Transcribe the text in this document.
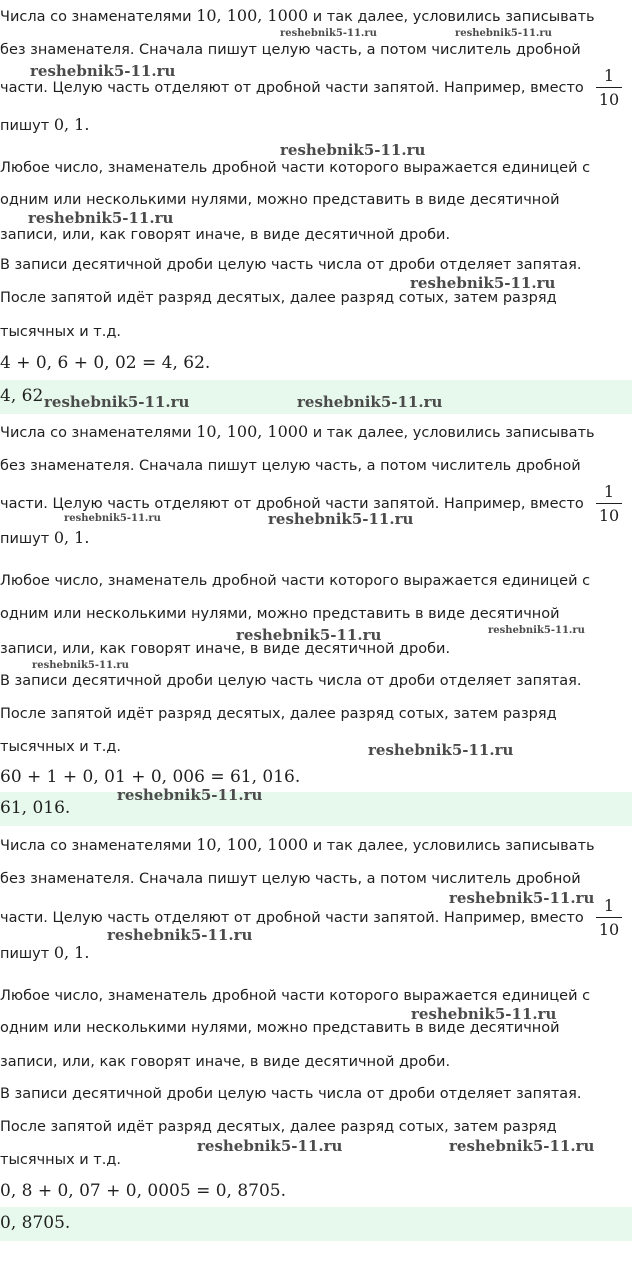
Числа со знаменателями 10, 100, 1000 и так далее, условились записывать
без знаменателя. Сначала пишут целую часть, а потом числитель дробной
части. Целую часть отделяют от дробной части запятой. Например, вместо
1
10
пишут 0, 1.
Любое число, знаменатель дробной части которого выражается единицей с
одним или несколькими нулями, можно представить в виде десятичной
записи, или, как говорят иначе, в виде десятичной дроби.
В записи десятичной дроби целую часть числа от дроби отделяет запятая.
После запятой идёт разряд десятых, далее разряд сотых, затем разряд
тысячных и т.д.
4 + 0, 6 + 0, 02 = 4, 62.
4, 62
Числа со знаменателями 10, 100, 1000 и так далее, условились записывать
без знаменателя. Сначала пишут целую часть, а потом числитель дробной
части. Целую часть отделяют от дробной части запятой. Например, вместо
1
10
пишут 0, 1.
Любое число, знаменатель дробной части которого выражается единицей с
одним или несколькими нулями, можно представить в виде десятичной
записи, или, как говорят иначе, в виде десятичной дроби.
В записи десятичной дроби целую часть числа от дроби отделяет запятая.
После запятой идёт разряд десятых, далее разряд сотых, затем разряд
тысячных и т.д.
60 + 1 + 0, 01 + 0, 006 = 61, 016.
61, 016.
Числа со знаменателями 10, 100, 1000 и так далее, условились записывать
без знаменателя. Сначала пишут целую часть, а потом числитель дробной
части. Целую часть отделяют от дробной части запятой. Например, вместо
1
10
пишут 0, 1.
Любое число, знаменатель дробной части которого выражается единицей с
одним или несколькими нулями, можно представить в виде десятичной
записи, или, как говорят иначе, в виде десятичной дроби.
В записи десятичной дроби целую часть числа от дроби отделяет запятая.
После запятой идёт разряд десятых, далее разряд сотых, затем разряд
тысячных и т.д.
0, 8 + 0, 07 + 0, 0005 = 0, 8705.
0, 8705.
reshebnik5-11.ru	reshebnik5-11.ru
reshebnik5-11.ru
reshebnik5-11.ru
reshebnik5-11.ru
reshebnik5-11.ru
reshebnik5-11.ru	reshebnik5-11.ru
reshebnik5-11.ru	reshebnik5-11.ru
reshebnik5-11.ru	reshebnik5-11.ru
reshebnik5-11.ru
reshebnik5-11.ru
reshebnik5-11.ru
reshebnik5-11.ru
reshebnik5-11.ru
reshebnik5-11.ru
reshebnik5-11.ru	reshebnik5-11.ru
